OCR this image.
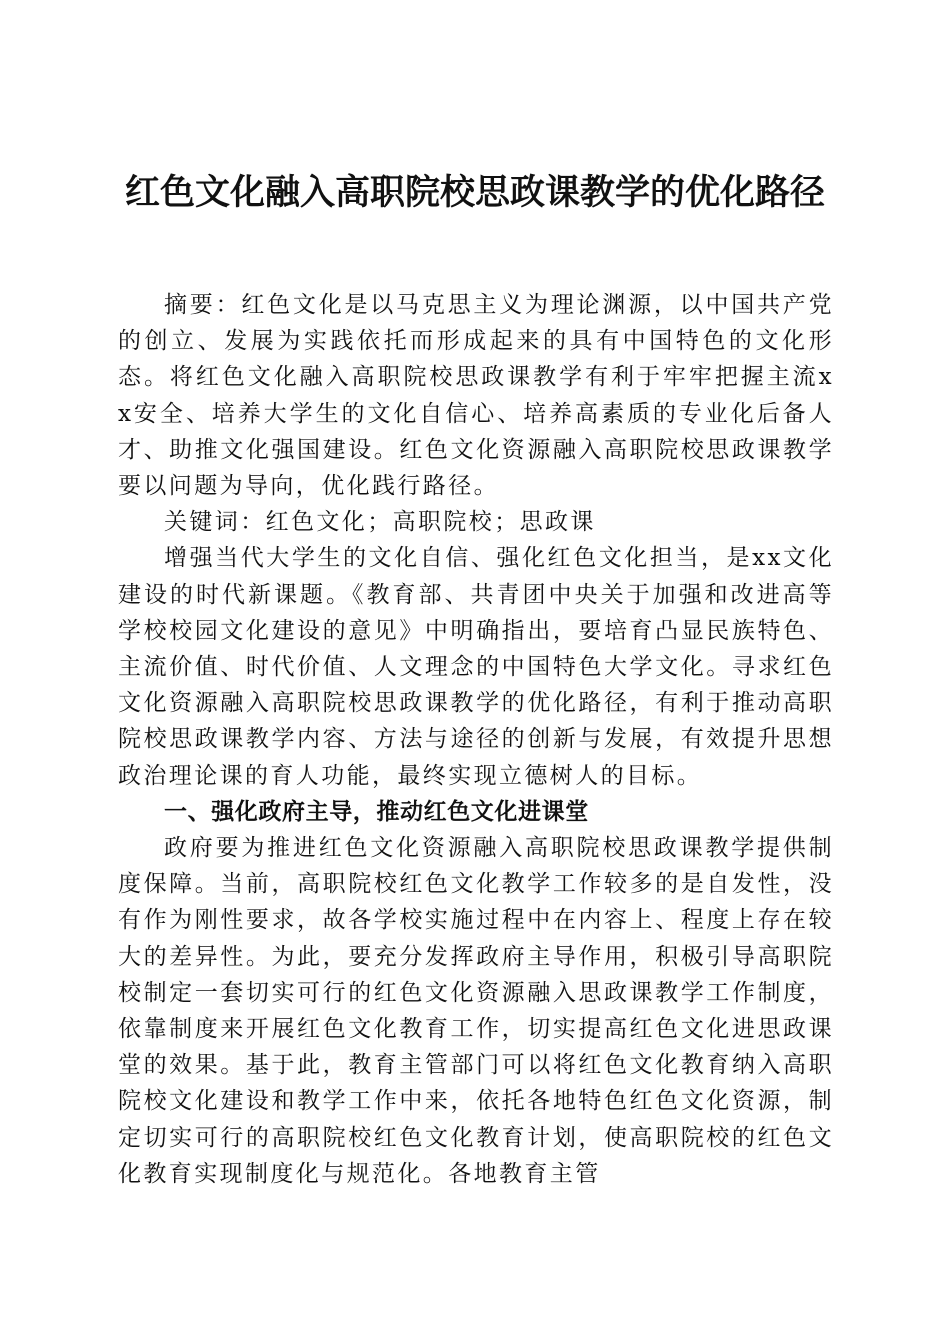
红色文化融入高职院校思政课教学的优化路径

摘要：红色文化是以马克思主义为理论渊源，以中国共产党的创立、发展为实践依托而形成起来的具有中国特色的文化形态。将红色文化融入高职院校思政课教学有利于牢牢把握主流xx安全、培养大学生的文化自信心、培养高素质的专业化后备人才、助推文化强国建设。红色文化资源融入高职院校思政课教学要以问题为导向，优化践行路径。

关键词：红色文化；高职院校；思政课

增强当代大学生的文化自信、强化红色文化担当，是xx文化建设的时代新课题。《教育部、共青团中央关于加强和改进高等学校校园文化建设的意见》中明确指出，要培育凸显民族特色、主流价值、时代价值、人文理念的中国特色大学文化。寻求红色文化资源融入高职院校思政课教学的优化路径，有利于推动高职院校思政课教学内容、方法与途径的创新与发展，有效提升思想政治理论课的育人功能，最终实现立德树人的目标。

一、强化政府主导，推动红色文化进课堂

政府要为推进红色文化资源融入高职院校思政课教学提供制度保障。当前，高职院校红色文化教学工作较多的是自发性，没有作为刚性要求，故各学校实施过程中在内容上、程度上存在较大的差异性。为此，要充分发挥政府主导作用，积极引导高职院校制定一套切实可行的红色文化资源融入思政课教学工作制度，依靠制度来开展红色文化教育工作，切实提高红色文化进思政课堂的效果。基于此，教育主管部门可以将红色文化教育纳入高职院校文化建设和教学工作中来，依托各地特色红色文化资源，制定切实可行的高职院校红色文化教育计划，使高职院校的红色文化教育实现制度化与规范化。各地教育主管
